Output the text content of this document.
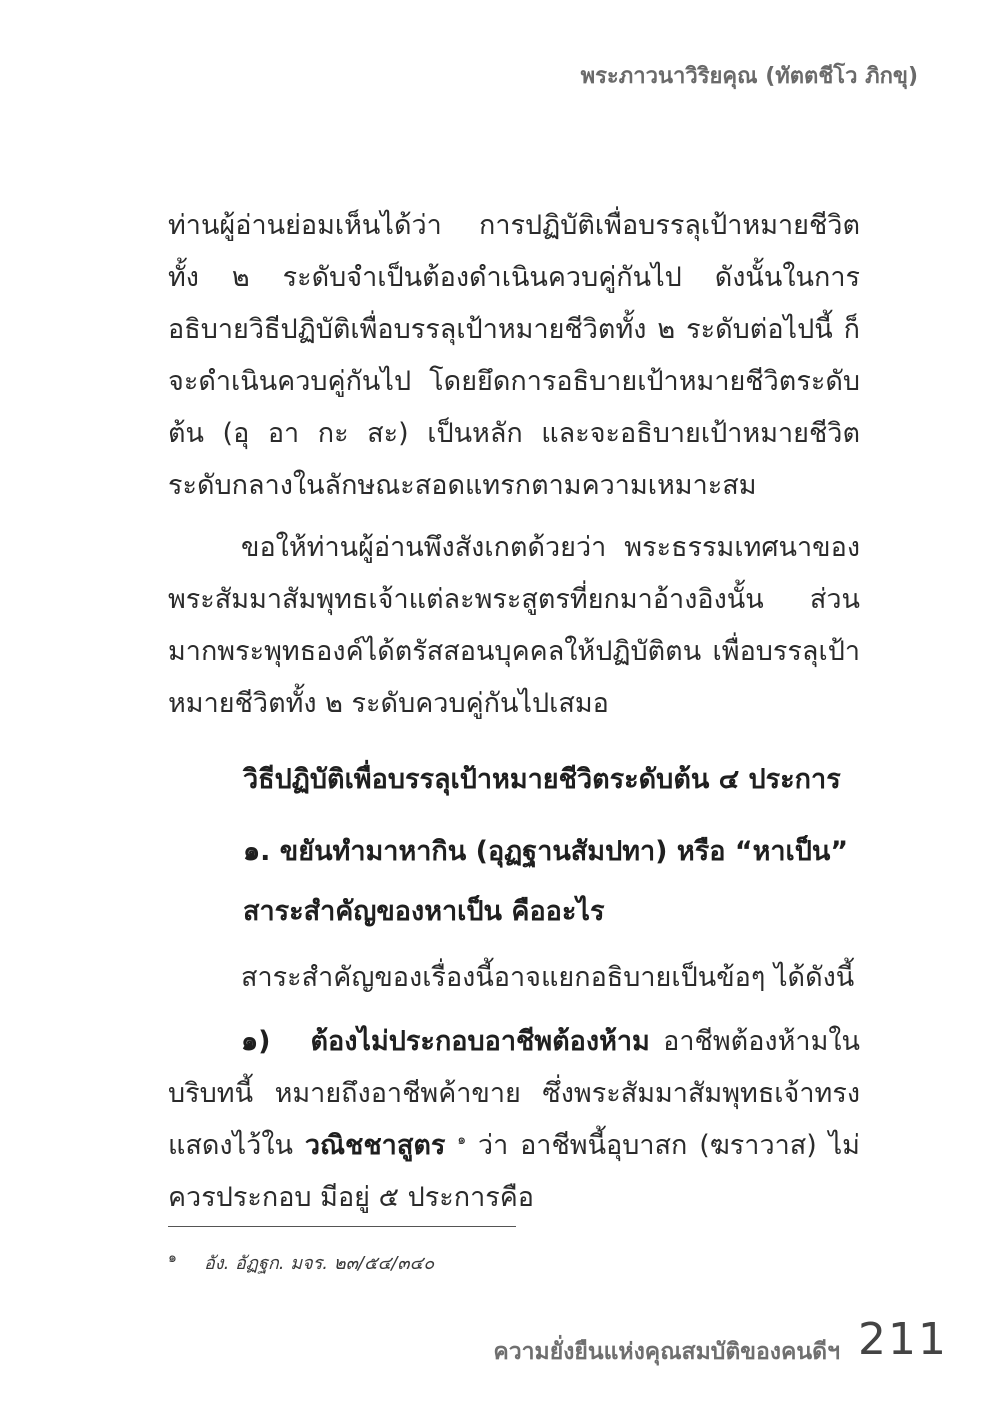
พระภาวนาวิริยคุณ (ทัตตชีโว ภิกขุ)

ท่านผู้อ่านย่อมเห็นได้ว่า การปฏิบัติเพื่อบรรลุเป้าหมายชีวิตทั้ง ๒ ระดับจำเป็นต้องดำเนินควบคู่กันไป ดังนั้นในการอธิบายวิธีปฏิบัติเพื่อบรรลุเป้าหมายชีวิตทั้ง ๒ ระดับต่อไปนี้ ก็จะดำเนินควบคู่กันไป โดยยึดการอธิบายเป้าหมายชีวิตระดับต้น (อุ อา กะ สะ) เป็นหลัก และจะอธิบายเป้าหมายชีวิตระดับกลางในลักษณะสอดแทรกตามความเหมาะสม

ขอให้ท่านผู้อ่านพึงสังเกตด้วยว่า พระธรรมเทศนาของพระสัมมาสัมพุทธเจ้าแต่ละพระสูตรที่ยกมาอ้างอิงนั้น ส่วนมากพระพุทธองค์ได้ตรัสสอนบุคคลให้ปฏิบัติตน เพื่อบรรลุเป้าหมายชีวิตทั้ง ๒ ระดับควบคู่กันไปเสมอ

วิธีปฏิบัติเพื่อบรรลุเป้าหมายชีวิตระดับต้น ๔ ประการ
๑. ขยันทำมาหากิน (อุฏฐานสัมปทา) หรือ “หาเป็น”
สาระสำคัญของหาเป็น คืออะไร

สาระสำคัญของเรื่องนี้อาจแยกอธิบายเป็นข้อๆ ได้ดังนี้

๑) ต้องไม่ประกอบอาชีพต้องห้าม อาชีพต้องห้ามในบริบทนี้ หมายถึงอาชีพค้าขาย ซึ่งพระสัมมาสัมพุทธเจ้าทรงแสดงไว้ใน วณิชชาสูตร $^๑$ ว่า อาชีพนี้อุบาสก (ฆราวาส) ไม่ควรประกอบ มีอยู่ ๕ ประการคือ

$^๑$ อัง. อัฏฐก. มจร. ๒๓/๕๔/๓๔๐
ความยั่งยืนแห่งคุณสมบัติของคนดีฯ 211
